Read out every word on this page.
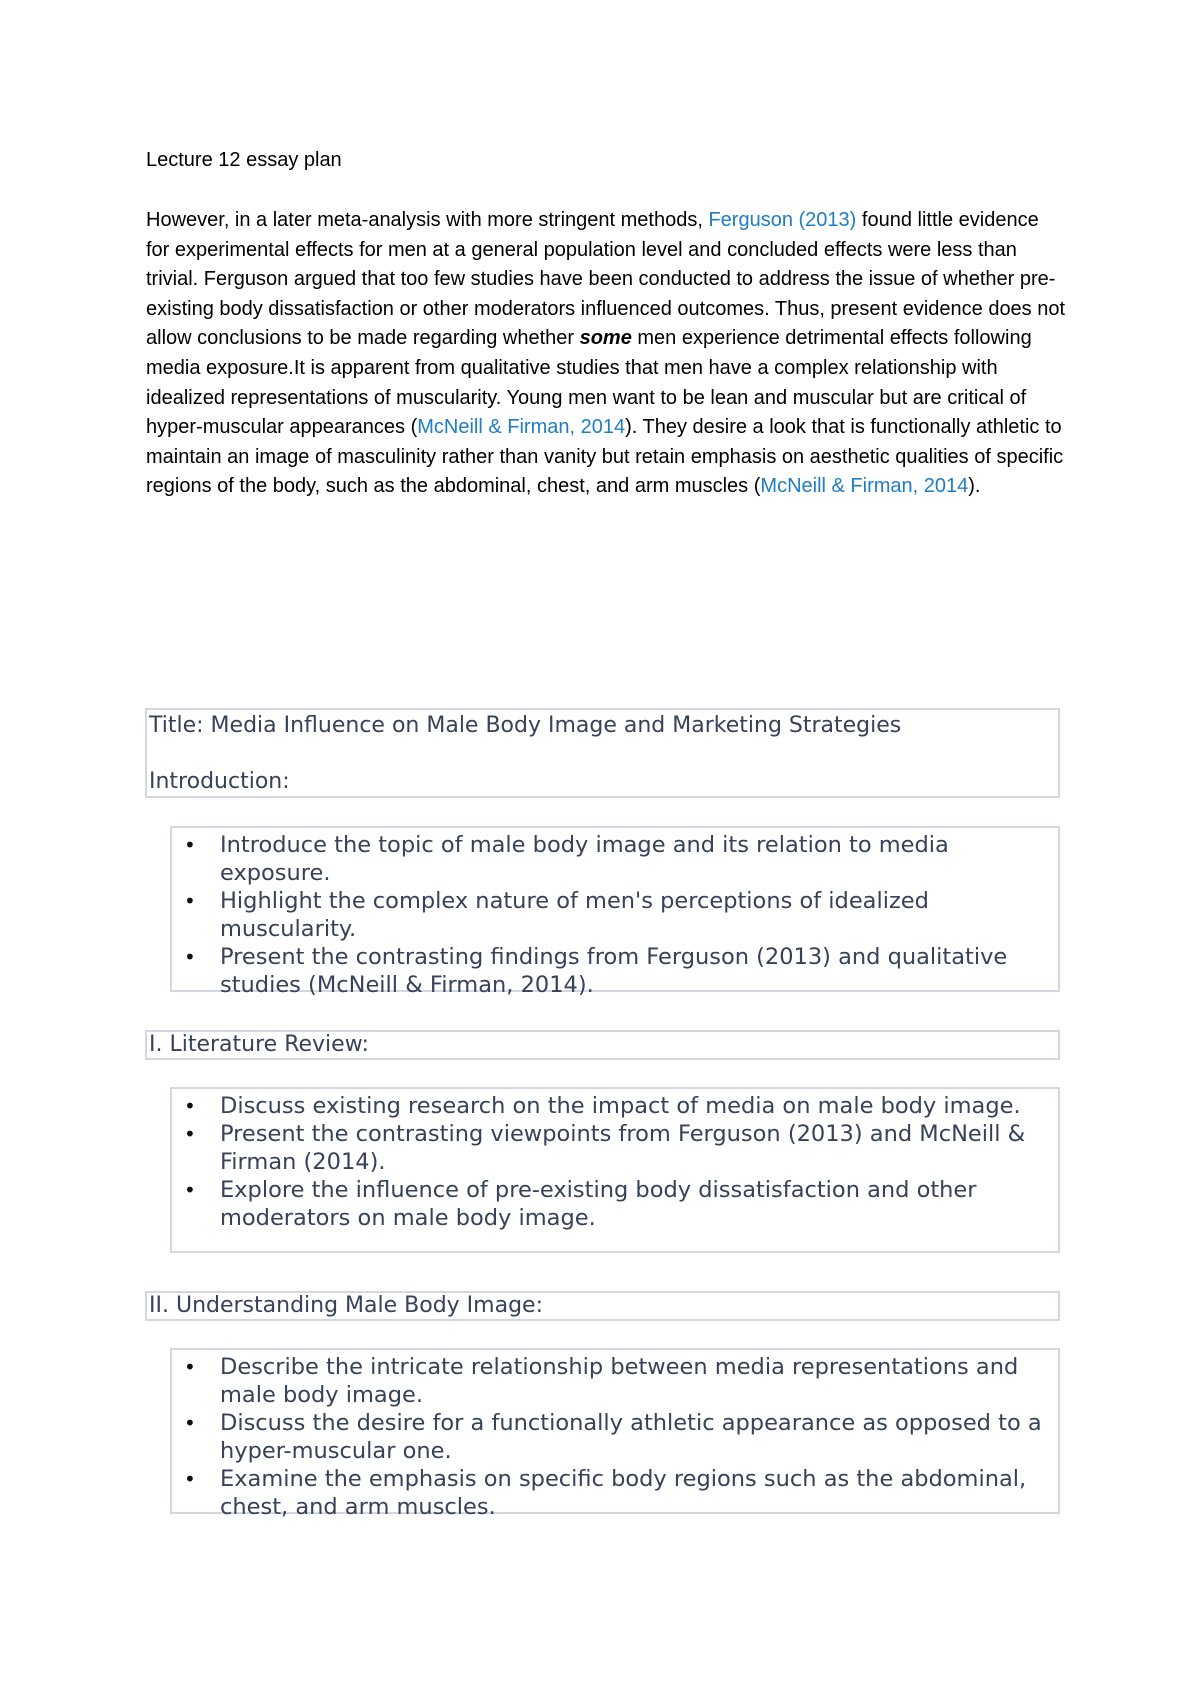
Lecture 12 essay plan
However, in a later meta-analysis with more stringent methods, Ferguson (2013) found little evidence for experimental effects for men at a general population level and concluded effects were less than trivial. Ferguson argued that too few studies have been conducted to address the issue of whether pre-existing body dissatisfaction or other moderators influenced outcomes. Thus, present evidence does not allow conclusions to be made regarding whether some men experience detrimental effects following media exposure.It is apparent from qualitative studies that men have a complex relationship with idealized representations of muscularity. Young men want to be lean and muscular but are critical of hyper-muscular appearances (McNeill & Firman, 2014). They desire a look that is functionally athletic to maintain an image of masculinity rather than vanity but retain emphasis on aesthetic qualities of specific regions of the body, such as the abdominal, chest, and arm muscles (McNeill & Firman, 2014).
Title: Media Influence on Male Body Image and Marketing Strategies
Introduction:
• Introduce the topic of male body image and its relation to media exposure.
• Highlight the complex nature of men's perceptions of idealized muscularity.
• Present the contrasting findings from Ferguson (2013) and qualitative studies (McNeill & Firman, 2014).
I. Literature Review:
• Discuss existing research on the impact of media on male body image.
• Present the contrasting viewpoints from Ferguson (2013) and McNeill & Firman (2014).
• Explore the influence of pre-existing body dissatisfaction and other moderators on male body image.
II. Understanding Male Body Image:
• Describe the intricate relationship between media representations and male body image.
• Discuss the desire for a functionally athletic appearance as opposed to a hyper-muscular one.
• Examine the emphasis on specific body regions such as the abdominal, chest, and arm muscles.
